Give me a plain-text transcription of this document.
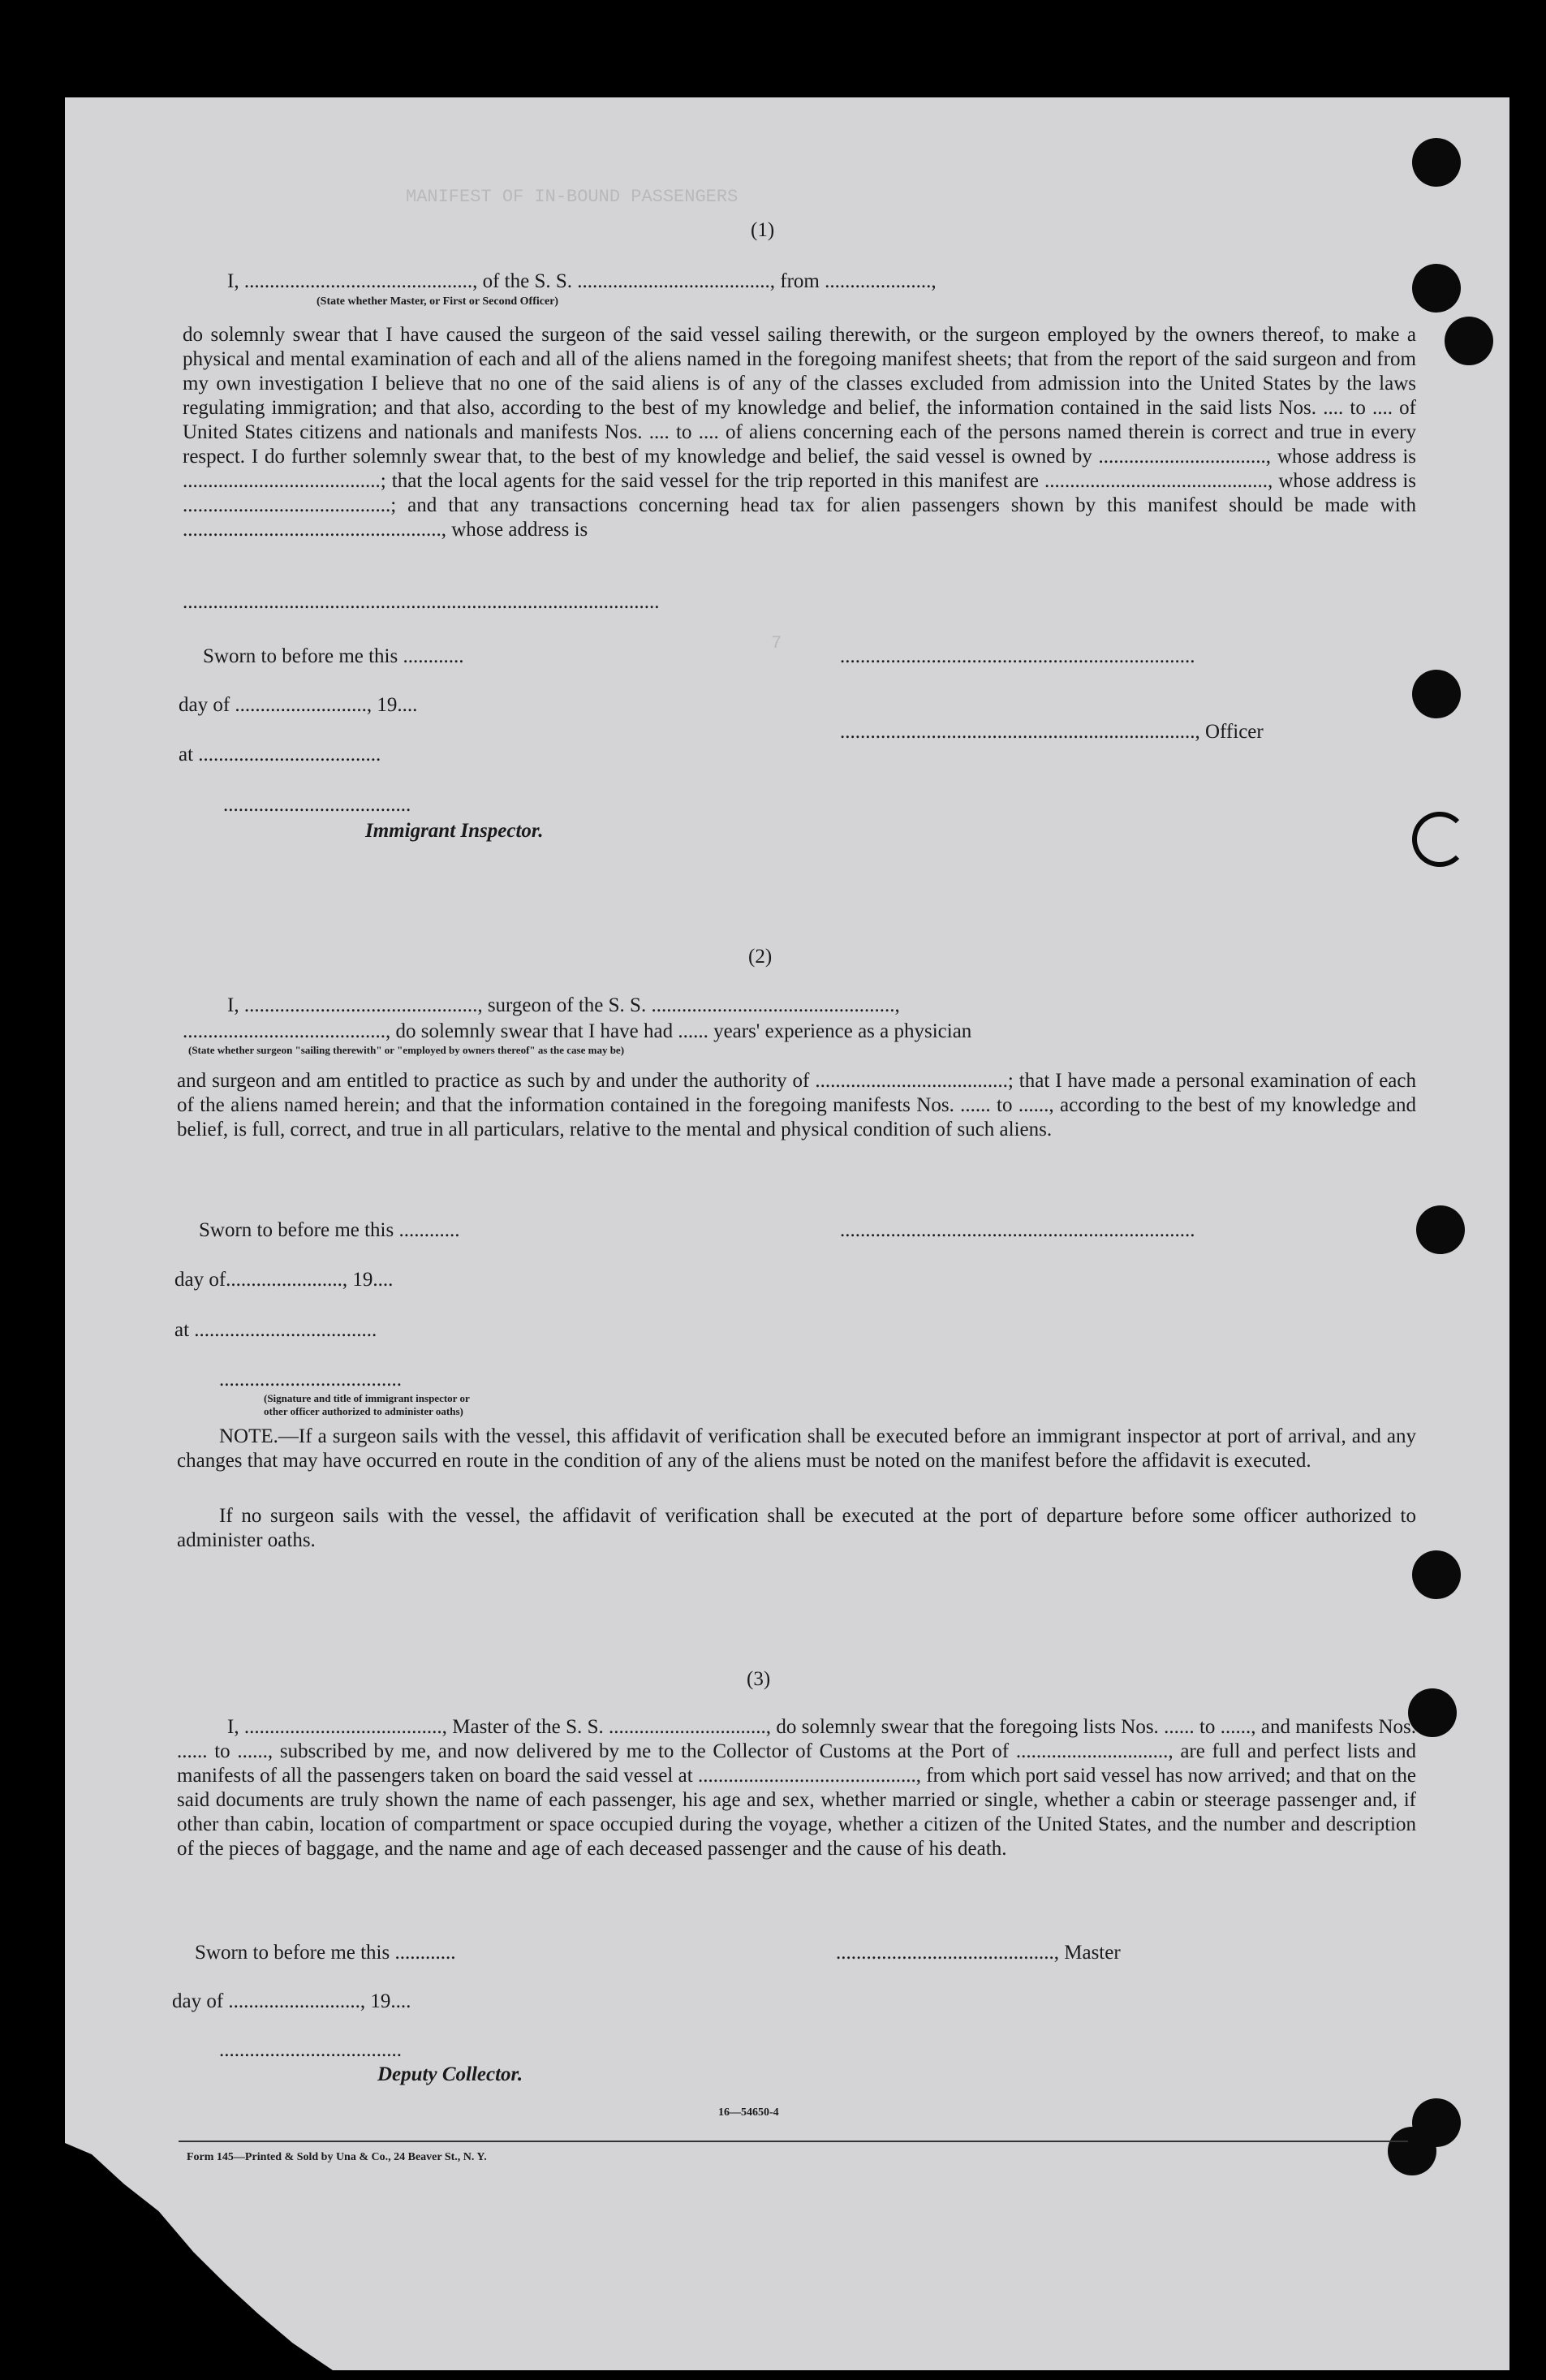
MANIFEST OF IN-BOUND PASSENGERS
7
(1)
I, ............................................., of the S. S. ......................................, from .....................,
(State whether Master, or First or Second Officer)

do solemnly swear that I have caused the surgeon of the said vessel sailing therewith, or the surgeon employed by the owners thereof, to make a physical and mental examination of each and all of the aliens named in the foregoing manifest sheets; that from the report of the said surgeon and from my own investigation I believe that no one of the said aliens is of any of the classes excluded from admission into the United States by the laws regulating immigration; and that also, according to the best of my knowledge and belief, the information contained in the said lists Nos. .... to .... of United States citizens and nationals and manifests Nos. .... to .... of aliens concerning each of the persons named therein is correct and true in every respect. I do further solemnly swear that, to the best of my knowledge and belief, the said vessel is owned by ................................., whose address is .......................................; that the local agents for the said vessel for the trip reported in this manifest are ............................................, whose address is .........................................; and that any transactions concerning head tax for alien passengers shown by this manifest should be made with ..................................................., whose address is

..............................................................................................
Sworn to before me this ............	......................................................................
day of .........................., 19....
......................................................................, Officer
at ....................................
.....................................
Immigrant Inspector.
(2)
I, .............................................., surgeon of the S. S. ................................................,
........................................, do solemnly swear that I have had ...... years' experience as a physician
(State whether surgeon "sailing therewith" or "employed by owners thereof" as the case may be)

and surgeon and am entitled to practice as such by and under the authority of ......................................; that I have made a personal examination of each of the aliens named herein; and that the information contained in the foregoing manifests Nos. ...... to ......, according to the best of my knowledge and belief, is full, correct, and true in all particulars, relative to the mental and physical condition of such aliens.

Sworn to before me this ............	......................................................................
day of......................., 19....
at ....................................
....................................
(Signature and title of immigrant inspector or
other officer authorized to administer oaths)

NOTE.—If a surgeon sails with the vessel, this affidavit of verification shall be executed before an immigrant inspector at port of arrival, and any changes that may have occurred en route in the condition of any of the aliens must be noted on the manifest before the affidavit is executed.

If no surgeon sails with the vessel, the affidavit of verification shall be executed at the port of departure before some officer authorized to administer oaths.

(3)

I, ......................................., Master of the S. S. ..............................., do solemnly swear that the foregoing lists Nos. ...... to ......, and manifests Nos. ...... to ......, subscribed by me, and now delivered by me to the Collector of Customs at the Port of .............................., are full and perfect lists and manifests of all the passengers taken on board the said vessel at ..........................................., from which port said vessel has now arrived; and that on the said documents are truly shown the name of each passenger, his age and sex, whether married or single, whether a cabin or steerage passenger and, if other than cabin, location of compartment or space occupied during the voyage, whether a citizen of the United States, and the number and description of the pieces of baggage, and the name and age of each deceased passenger and the cause of his death.

Sworn to before me this ............	..........................................., Master
day of .........................., 19....
....................................
Deputy Collector.
16—54650-4
Form 145—Printed & Sold by Una & Co., 24 Beaver St., N. Y.
